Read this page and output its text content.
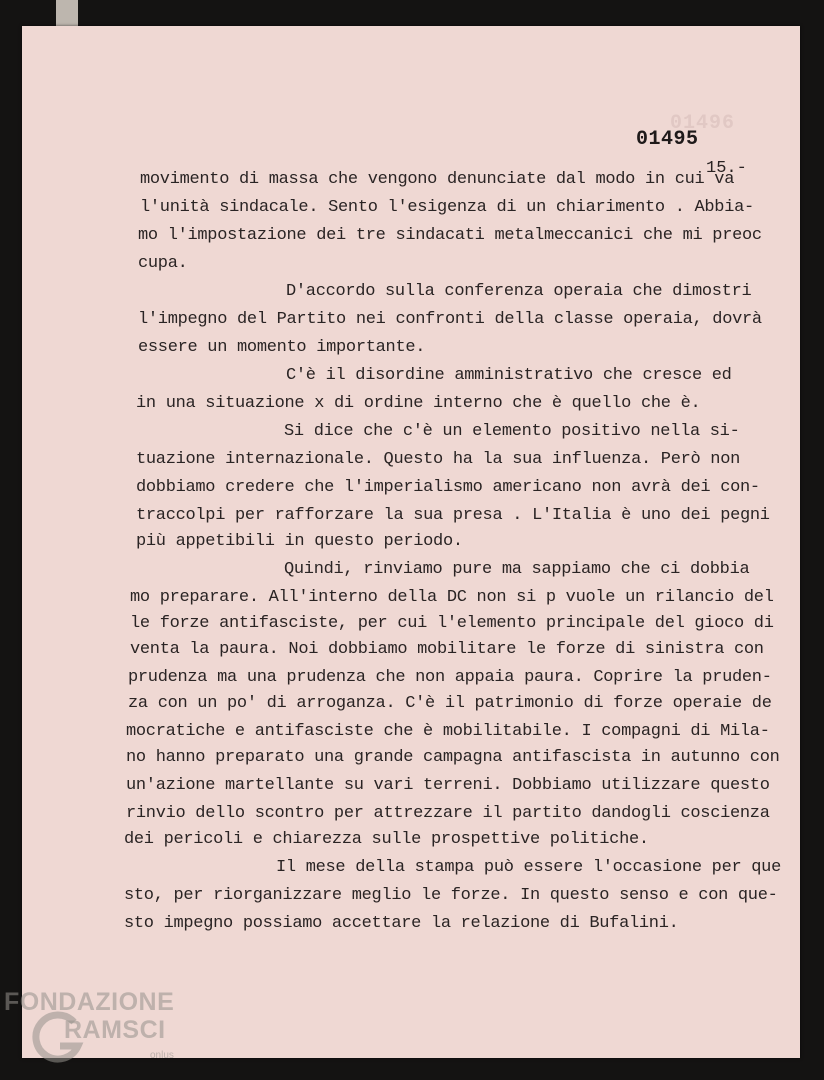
01496
01495
15.-
movimento di massa che vengono denunciate dal modo in cui va
l'unità sindacale. Sento l'esigenza di un chiarimento . Abbia-
mo l'impostazione dei tre sindacati metalmeccanici che mi preoc
cupa.
D'accordo sulla conferenza operaia che dimostri
l'impegno del Partito nei confronti della classe operaia, dovrà
essere un momento importante.
C'è il disordine amministrativo che cresce ed
in una situazione x di ordine interno che è quello che è.
Si dice che c'è un elemento positivo nella si-
tuazione internazionale. Questo ha la sua influenza. Però non
dobbiamo credere che l'imperialismo americano non avrà dei con-
traccolpi per rafforzare la sua presa . L'Italia è uno dei pegni
più appetibili in questo periodo.
Quindi, rinviamo pure ma sappiamo che ci dobbia
mo preparare. All'interno della DC non si p vuole un rilancio del
le forze antifasciste, per cui l'elemento principale del gioco di
venta la paura. Noi dobbiamo mobilitare le forze di sinistra con
prudenza ma una prudenza che non appaia paura. Coprire la pruden-
za con un po' di arroganza. C'è il patrimonio di forze operaie de
mocratiche e antifasciste che è mobilitabile. I compagni di Mila-
no hanno preparato una grande campagna antifascista in autunno con
un'azione martellante su vari terreni. Dobbiamo utilizzare questo
rinvio dello scontro per attrezzare il partito dandogli coscienza
dei pericoli e chiarezza sulle prospettive politiche.
Il mese della stampa può essere l'occasione per que
sto, per riorganizzare meglio le forze. In questo senso e con que-
sto impegno possiamo accettare la relazione di Bufalini.
FONDAZIONE
RAMSCI
onlus
